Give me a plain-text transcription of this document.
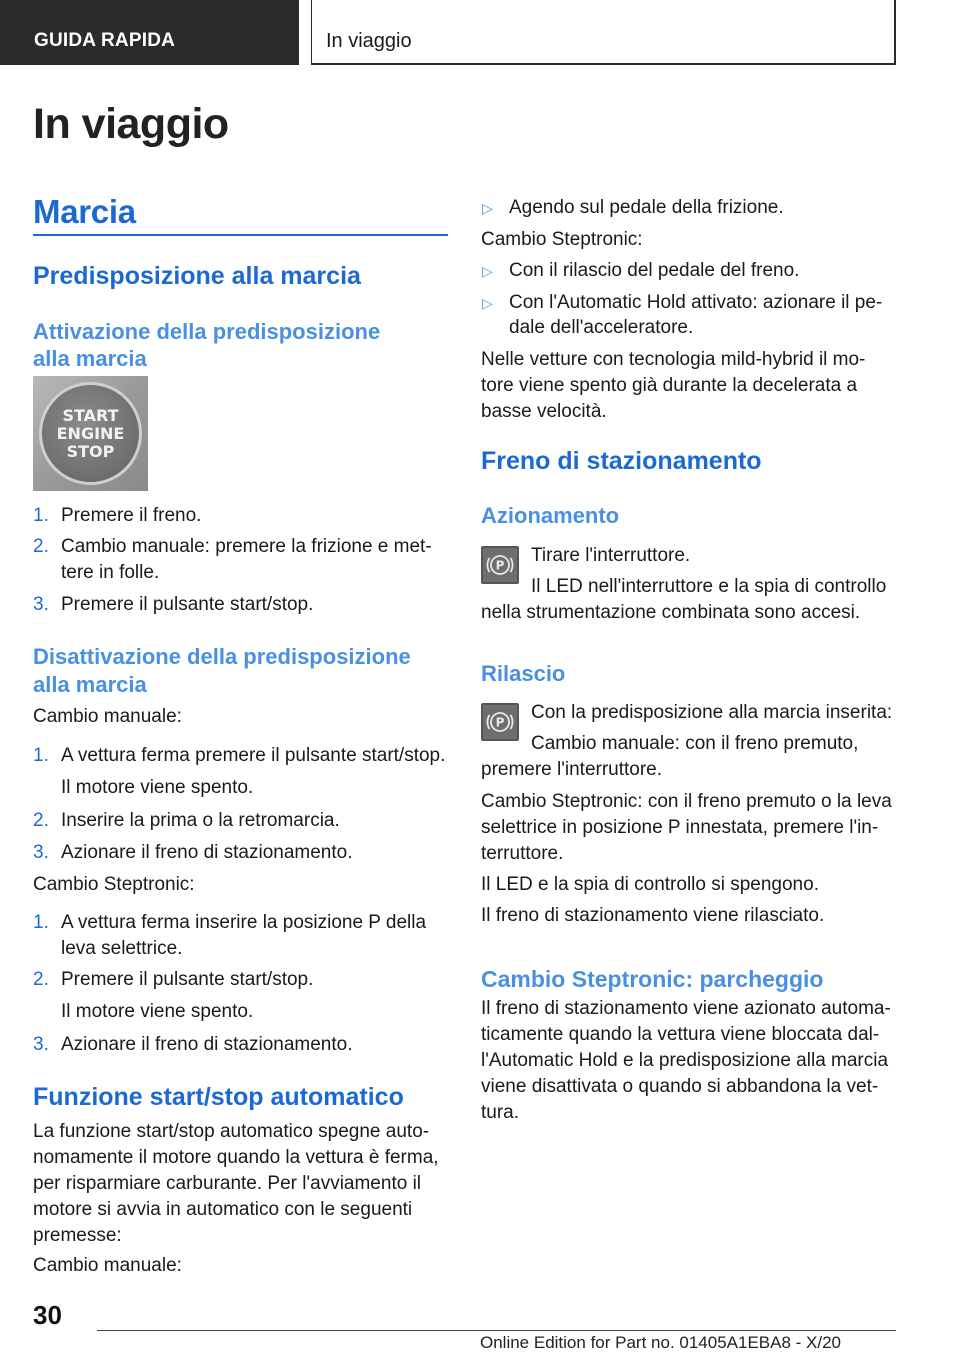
GUIDA RAPIDA	In viaggio
In viaggio
Marcia
Predisposizione alla marcia
Attivazione della predisposizione
alla marcia
START
ENGINE
STOP
1. Premere il freno.
2. Cambio manuale: premere la frizione e met-
tere in folle.
3. Premere il pulsante start/stop.
Disattivazione della predisposizione
alla marcia
Cambio manuale:
1. A vettura ferma premere il pulsante start/stop.
Il motore viene spento.
2. Inserire la prima o la retromarcia.
3. Azionare il freno di stazionamento.
Cambio Steptronic:
1. A vettura ferma inserire la posizione P della
leva selettrice.
2. Premere il pulsante start/stop.
Il motore viene spento.
3. Azionare il freno di stazionamento.
Funzione start/stop automatico
La funzione start/stop automatico spegne auto-
nomamente il motore quando la vettura è ferma,
per risparmiare carburante. Per l'avviamento il
motore si avvia in automatico con le seguenti
premesse:
Cambio manuale:
▷ Agendo sul pedale della frizione.
Cambio Steptronic:
▷ Con il rilascio del pedale del freno.
▷ Con l'Automatic Hold attivato: azionare il pe-
dale dell'acceleratore.
Nelle vetture con tecnologia mild-hybrid il mo-
tore viene spento già durante la decelerata a
basse velocità.
Freno di stazionamento
Azionamento
P Tirare l'interruttore.
Il LED nell'interruttore e la spia di controllo
nella strumentazione combinata sono accesi.
Rilascio
P Con la predisposizione alla marcia inserita:
Cambio manuale: con il freno premuto,
premere l'interruttore.
Cambio Steptronic: con il freno premuto o la leva
selettrice in posizione P innestata, premere l'in-
terruttore.
Il LED e la spia di controllo si spengono.
Il freno di stazionamento viene rilasciato.
Cambio Steptronic: parcheggio
Il freno di stazionamento viene azionato automa-
ticamente quando la vettura viene bloccata dal-
l'Automatic Hold e la predisposizione alla marcia
viene disattivata o quando si abbandona la vet-
tura.
30
Online Edition for Part no. 01405A1EBA8 - X/20
